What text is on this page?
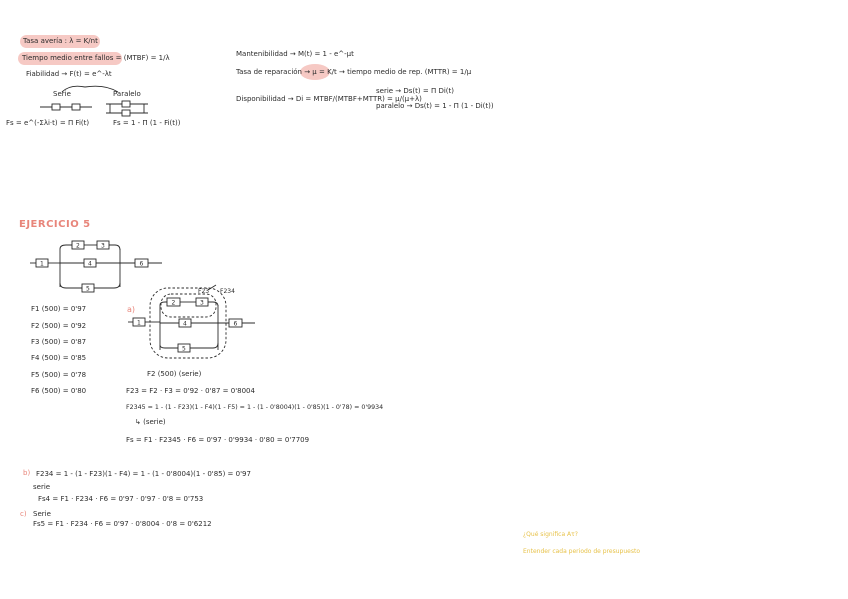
Tasa avería : λ = K/nt
Tiempo medio entre fallos = (MTBF) = 1/λ
Fiabilidad → F(t) = e^-λt
Serie	Paralelo
Fs = e^(-Σλi·t) = Π Fi(t)	Fs = 1 - Π (1 - Fi(t))
Mantenibilidad → M(t) = 1 - e^-μt
Tasa de reparación → μ = K/t → tiempo medio de rep. (MTTR) = 1/μ
Disponibilidad → Di = MTBF/(MTBF+MTTR) = μ/(μ+λ)
serie → Ds(t) = Π Di(t)
paralelo → Ds(t) = 1 - Π (1 - Di(t))
EJERCICIO 5
1
2	3
4
5
6
1
2	3
4
5
6
F1 (500) = 0'97
F2 (500) = 0'92
F3 (500) = 0'87
F4 (500) = 0'85
F5 (500) = 0'78
F6 (500) = 0'80
a)
F23 F234
F2 (500) (serie)
F23 = F2 · F3 = 0'92 · 0'87 = 0'8004
F2345 = 1 - (1 - F23)(1 - F4)(1 - F5) = 1 - (1 - 0'8004)(1 - 0'85)(1 - 0'78) = 0'9934
↳ (serie)
Fs = F1 · F2345 · F6 = 0'97 · 0'9934 · 0'80 = 0'7709
b) F234 = 1 - (1 - F23)(1 - F4) = 1 - (1 - 0'8004)(1 - 0'85) = 0'97
serie
Fs4 = F1 · F234 · F6 = 0'97 · 0'97 · 0'8 = 0'753
c) Serie
Fs5 = F1 · F234 · F6 = 0'97 · 0'8004 · 0'8 = 0'6212
¿Qué significa Aτ?
Entender cada periodo de presupuesto
